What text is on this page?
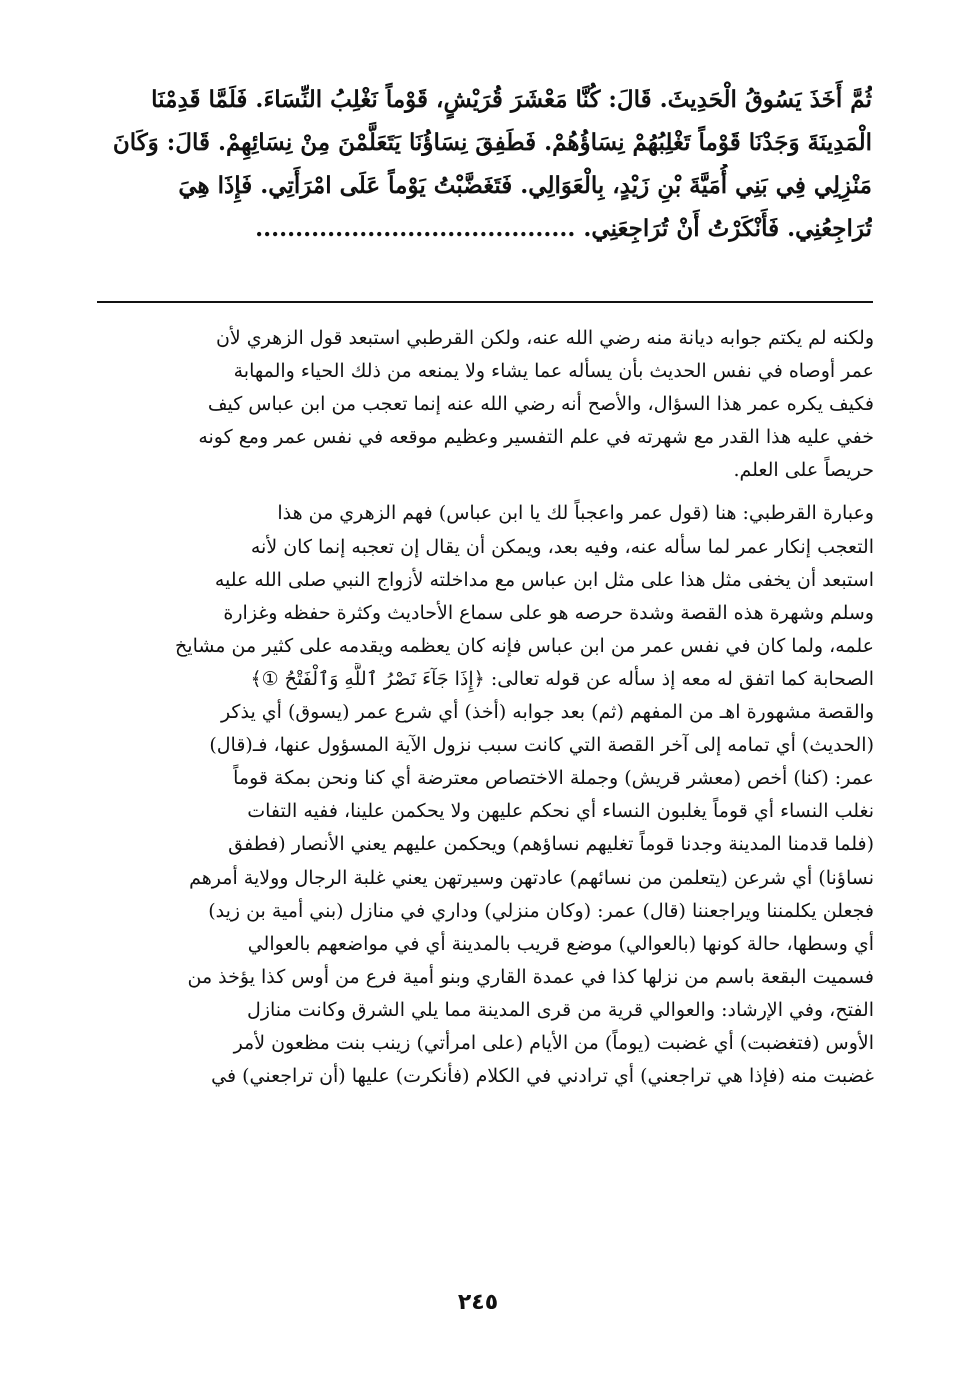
ثُمَّ أَخَذَ يَسُوقُ الْحَدِيثَ. قَالَ: كُنَّا مَعْشَرَ قُرَيْشٍ، قَوْماً نَغْلِبُ النِّسَاءَ. فَلَمَّا قَدِمْنَا
الْمَدِينَةَ وَجَدْنَا قَوْماً تَغْلِبُهُمْ نِسَاؤُهُمْ. فَطَفِقَ نِسَاؤُنَا يَتَعَلَّمْنَ مِنْ نِسَائِهِمْ. قَالَ: وَكَانَ
مَنْزِلِي فِي بَنِي أُمَيَّةَ بْنِ زَيْدٍ، بِالْعَوَالِي. فَتَغَضَّبْتُ يَوْماً عَلَى امْرَأَتِي. فَإِذَا هِيَ
تُرَاجِعُنِي. فَأَنْكَرْتُ أَنْ تُرَاجِعَنِي. ........................................
ولكنه لم يكتم جوابه ديانة منه رضي الله عنه، ولكن القرطبي استبعد قول الزهري لأن
عمر أوصاه في نفس الحديث بأن يسأله عما يشاء ولا يمنعه من ذلك الحياء والمهابة
فكيف يكره عمر هذا السؤال، والأصح أنه رضي الله عنه إنما تعجب من ابن عباس كيف
خفي عليه هذا القدر مع شهرته في علم التفسير وعظيم موقعه في نفس عمر ومع كونه
حريصاً على العلم.
وعبارة القرطبي: هنا (قول عمر واعجباً لك يا ابن عباس) فهم الزهري من هذا
التعجب إنكار عمر لما سأله عنه، وفيه بعد، ويمكن أن يقال إن تعجبه إنما كان لأنه
استبعد أن يخفى مثل هذا على مثل ابن عباس مع مداخلته لأزواج النبي صلى الله عليه
وسلم وشهرة هذه القصة وشدة حرصه هو على سماع الأحاديث وكثرة حفظه وغزارة
علمه، ولما كان في نفس عمر من ابن عباس فإنه كان يعظمه ويقدمه على كثير من مشايخ
الصحابة كما اتفق له معه إذ سأله عن قوله تعالى: ﴿إِذَا جَآءَ نَصْرُ ٱللَّهِ وَٱلْفَتْحُ ①﴾
والقصة مشهورة اهـ من المفهم (ثم) بعد جوابه (أخذ) أي شرع عمر (يسوق) أي يذكر
(الحديث) أي تمامه إلى آخر القصة التي كانت سبب نزول الآية المسؤول عنها، فـ(قال)
عمر: (كنا) أخص (معشر قريش) وجملة الاختصاص معترضة أي كنا ونحن بمكة قوماً
نغلب النساء أي قوماً يغلبون النساء أي نحكم عليهن ولا يحكمن علينا، ففيه التفات
(فلما قدمنا المدينة وجدنا قوماً تغليهم نساؤهم) ويحكمن عليهم يعني الأنصار (فطفق
نساؤنا) أي شرعن (يتعلمن من نسائهم) عادتهن وسيرتهن يعني غلبة الرجال وولاية أمرهم
فجعلن يكلمننا ويراجعننا (قال) عمر: (وكان منزلي) وداري في منازل (بني أمية بن زيد)
أي وسطها، حالة كونها (بالعوالي) موضع قريب بالمدينة أي في مواضعهم بالعوالي
فسميت البقعة باسم من نزلها كذا في عمدة القاري وبنو أمية فرع من أوس كذا يؤخذ من
الفتح، وفي الإرشاد: والعوالي قرية من قرى المدينة مما يلي الشرق وكانت منازل
الأوس (فتغضبت) أي غضبت (يوماً) من الأيام (على امرأتي) زينب بنت مظعون لأمر
غضبت منه (فإذا هي تراجعني) أي ترادني في الكلام (فأنكرت) عليها (أن تراجعني) في
٢٤٥
